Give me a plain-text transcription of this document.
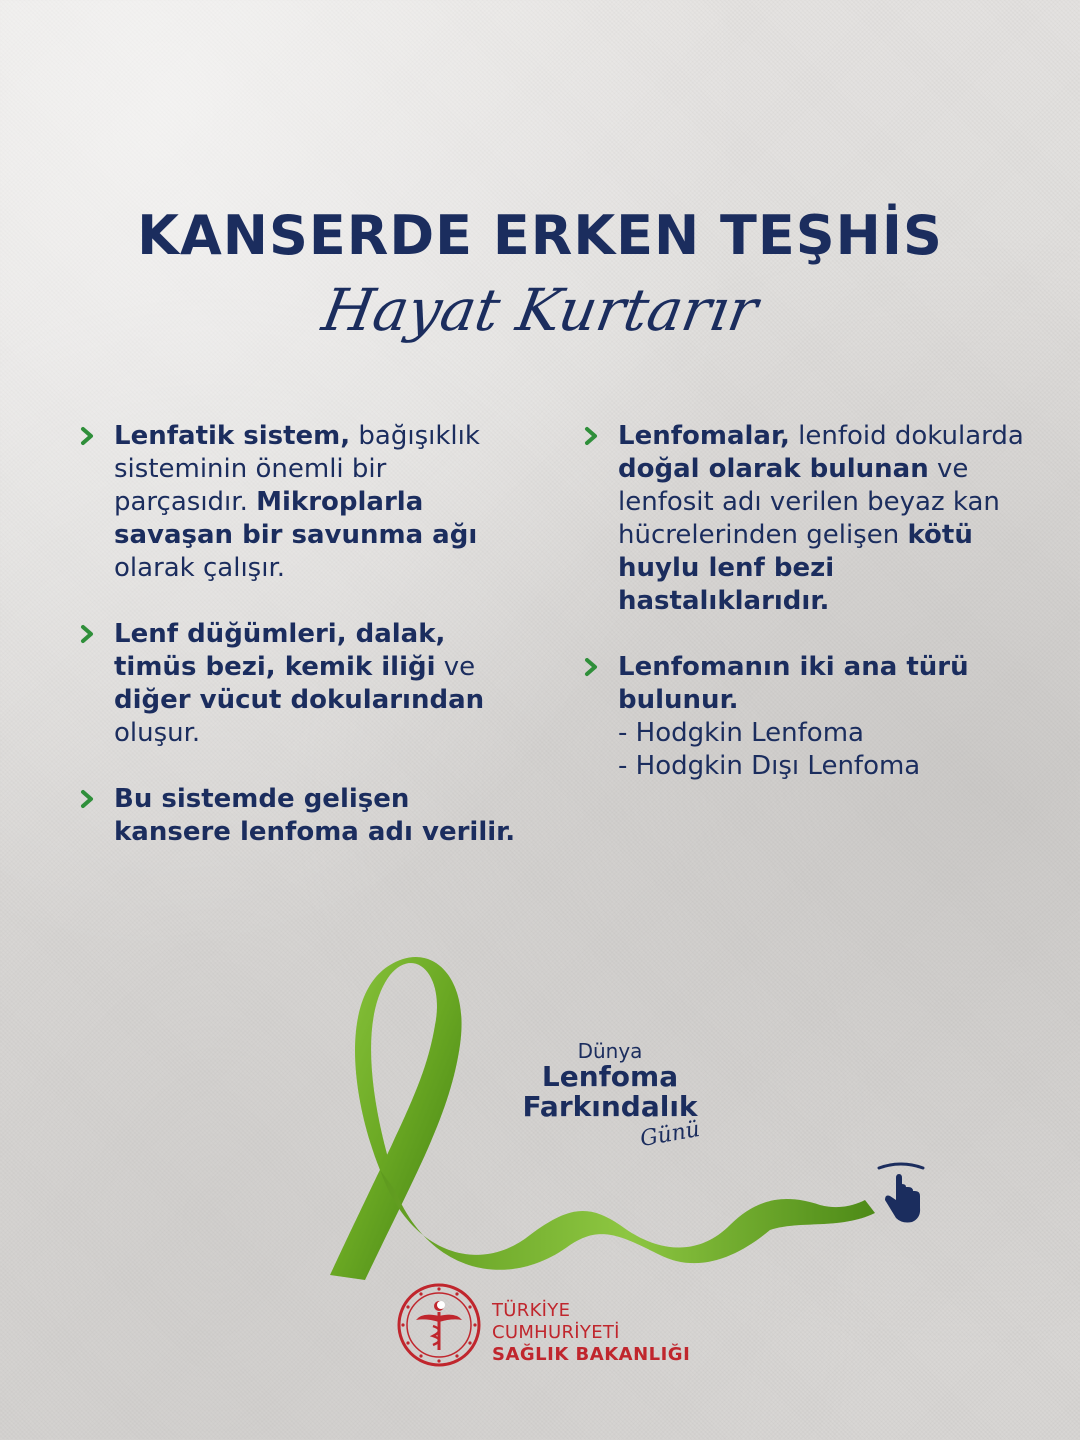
KANSERDE ERKEN TEŞHİS
Hayat Kurtarır
Lenfatik sistem, bağışıklık sisteminin önemli bir parçasıdır. Mikroplarla savaşan bir savunma ağı olarak çalışır.
Lenf düğümleri, dalak, timüs bezi, kemik iliği ve diğer vücut dokularından oluşur.
Bu sistemde gelişen kansere lenfoma adı verilir.
Lenfomalar, lenfoid dokularda doğal olarak bulunan ve lenfosit adı verilen beyaz kan hücrelerinden gelişen kötü huylu lenf bezi hastalıklarıdır.
Lenfomanın iki ana türü bulunur.
- Hodgkin Lenfoma
- Hodgkin Dışı Lenfoma
Dünya
Lenfoma
Farkındalık
Günü
TÜRKİYE CUMHURİYETİ
SAĞLIK BAKANLIĞI
